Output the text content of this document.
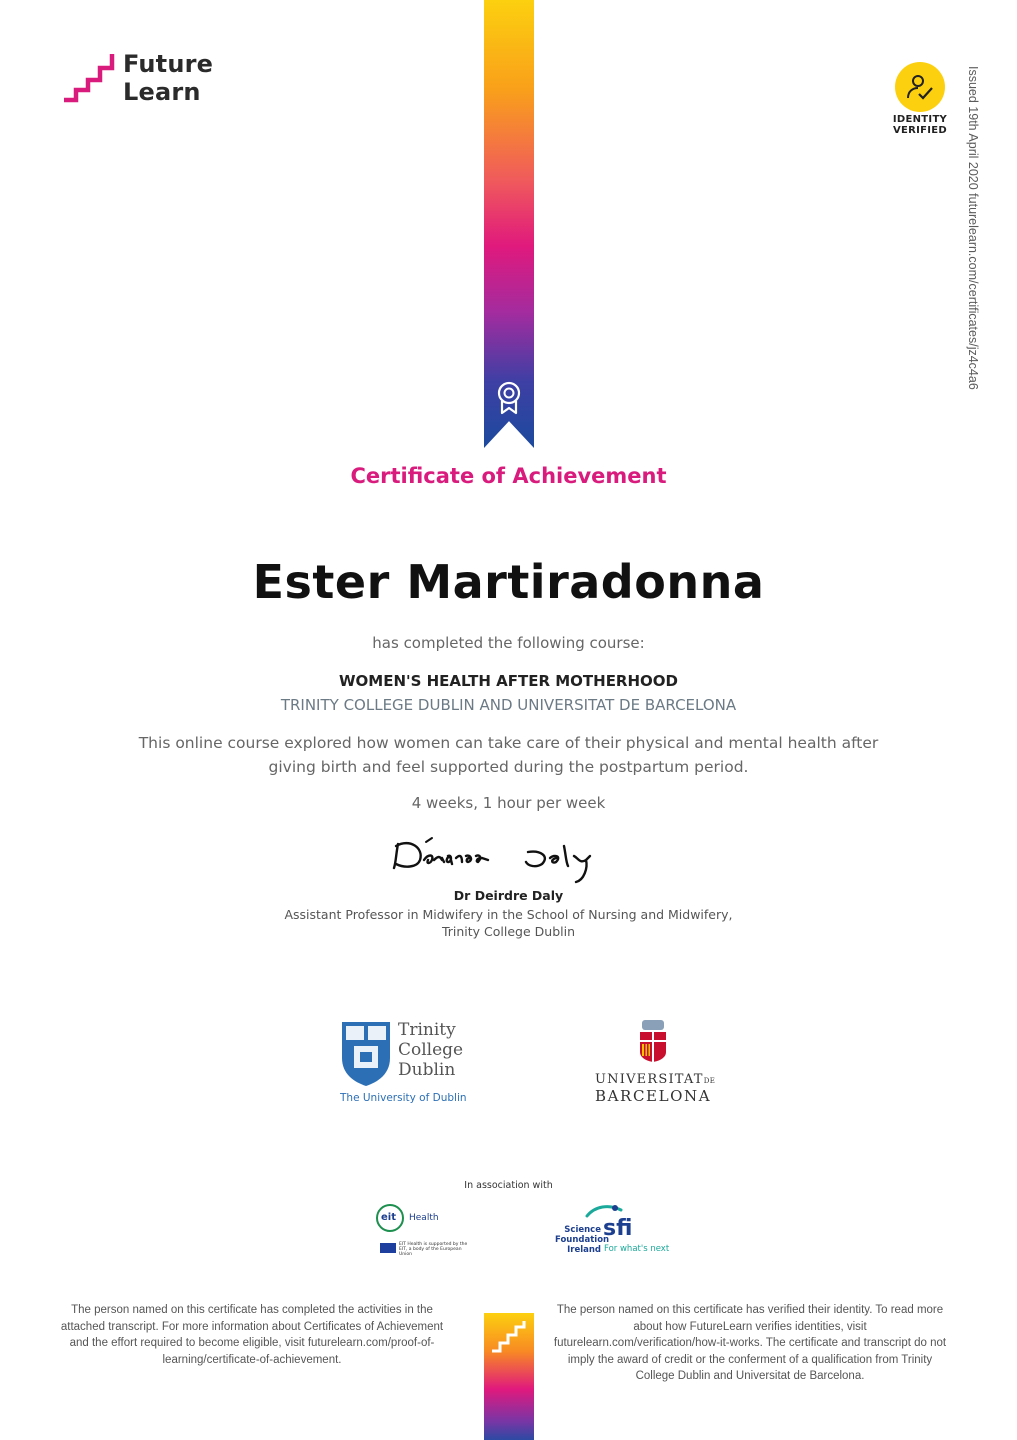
Future
Learn
IDENTITY
VERIFIED	Issued 19th April 2020 futurelearn.com/certificates/jz4c4a6
Certificate of Achievement
Ester Martiradonna
has completed the following course:
WOMEN'S HEALTH AFTER MOTHERHOOD
TRINITY COLLEGE DUBLIN AND UNIVERSITAT DE BARCELONA
This online course explored how women can take care of their physical and mental health after giving birth and feel supported during the postpartum period.
4 weeks, 1 hour per week
Dr Deirdre Daly
Assistant Professor in Midwifery in the School of Nursing and Midwifery,
Trinity College Dublin
Trinity
College
Dublin
The University of Dublin
UNIVERSITATDE
BARCELONA
In association with
eit Health
EIT Health is supported by the EIT, a body of the European Union
Science
Foundation
Ireland
sfi
For what's next
The person named on this certificate has completed the activities in the attached transcript. For more information about Certificates of Achievement and the effort required to become eligible, visit futurelearn.com/proof-of-learning/certificate-of-achievement.
The person named on this certificate has verified their identity. To read more about how FutureLearn verifies identities, visit futurelearn.com/verification/how-it-works. The certificate and transcript do not imply the award of credit or the conferment of a qualification from Trinity College Dublin and Universitat de Barcelona.
